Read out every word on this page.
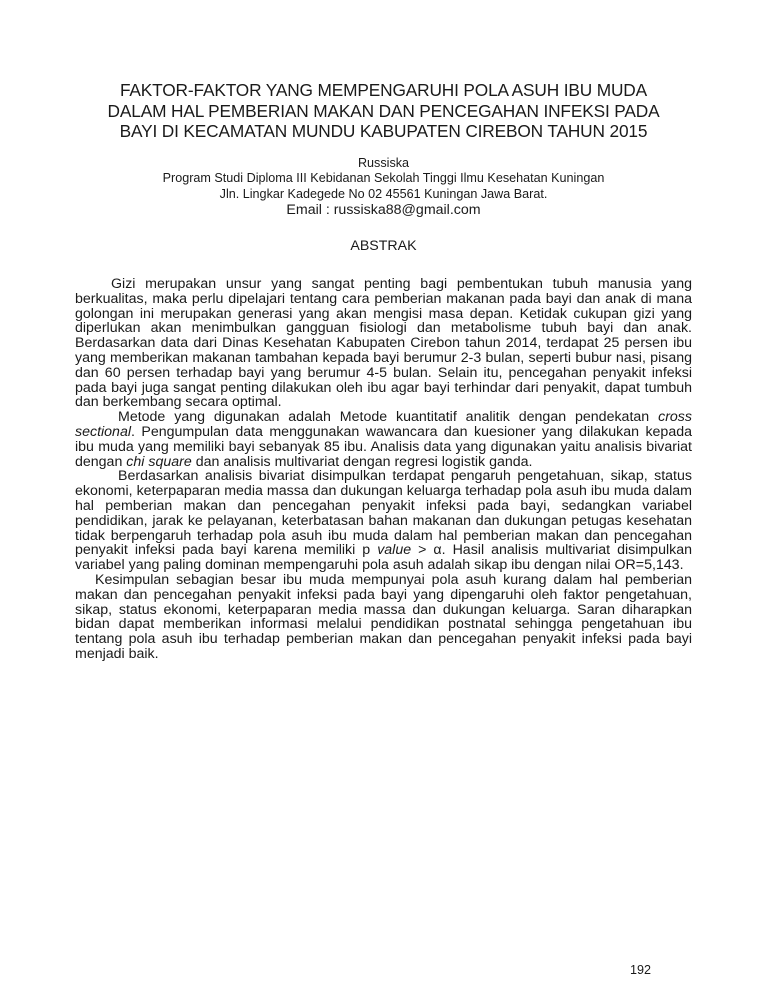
FAKTOR-FAKTOR YANG MEMPENGARUHI POLA ASUH IBU MUDA
DALAM HAL PEMBERIAN MAKAN DAN PENCEGAHAN INFEKSI PADA
BAYI DI KECAMATAN MUNDU KABUPATEN CIREBON TAHUN 2015
Russiska
Program Studi Diploma III Kebidanan Sekolah Tinggi Ilmu Kesehatan Kuningan
Jln. Lingkar Kadegede No 02 45561 Kuningan Jawa Barat.
Email : russiska88@gmail.com
ABSTRAK

Gizi merupakan unsur yang sangat penting bagi pembentukan tubuh manusia yang berkualitas, maka perlu dipelajari tentang cara pemberian makanan pada bayi dan anak di mana golongan ini merupakan generasi yang akan mengisi masa depan. Ketidak cukupan gizi yang diperlukan akan menimbulkan gangguan fisiologi dan metabolisme tubuh bayi dan anak. Berdasarkan data dari Dinas Kesehatan Kabupaten Cirebon tahun 2014, terdapat 25 persen ibu yang memberikan makanan tambahan kepada bayi berumur 2-3 bulan, seperti bubur nasi, pisang dan 60 persen terhadap bayi yang berumur 4-5 bulan. Selain itu, pencegahan penyakit infeksi pada bayi juga sangat penting dilakukan oleh ibu agar bayi terhindar dari penyakit, dapat tumbuh dan berkembang secara optimal.

Metode yang digunakan adalah Metode kuantitatif analitik dengan pendekatan cross sectional. Pengumpulan data menggunakan wawancara dan kuesioner yang dilakukan kepada ibu muda yang memiliki bayi sebanyak 85 ibu. Analisis data yang digunakan yaitu analisis bivariat dengan chi square dan analisis multivariat dengan regresi logistik ganda.

Berdasarkan analisis bivariat disimpulkan terdapat pengaruh pengetahuan, sikap, status ekonomi, keterpaparan media massa dan dukungan keluarga terhadap pola asuh ibu muda dalam hal pemberian makan dan pencegahan penyakit infeksi pada bayi, sedangkan variabel pendidikan, jarak ke pelayanan, keterbatasan bahan makanan dan dukungan petugas kesehatan tidak berpengaruh terhadap pola asuh ibu muda dalam hal pemberian makan dan pencegahan penyakit infeksi pada bayi karena memiliki p value > α. Hasil analisis multivariat disimpulkan variabel yang paling dominan mempengaruhi pola asuh adalah sikap ibu dengan nilai OR=5,143.

Kesimpulan sebagian besar ibu muda mempunyai pola asuh kurang dalam hal pemberian makan dan pencegahan penyakit infeksi pada bayi yang dipengaruhi oleh faktor pengetahuan, sikap, status ekonomi, keterpaparan media massa dan dukungan keluarga. Saran diharapkan bidan dapat memberikan informasi melalui pendidikan postnatal sehingga pengetahuan ibu tentang pola asuh ibu terhadap pemberian makan dan pencegahan penyakit infeksi pada bayi menjadi baik.

192
